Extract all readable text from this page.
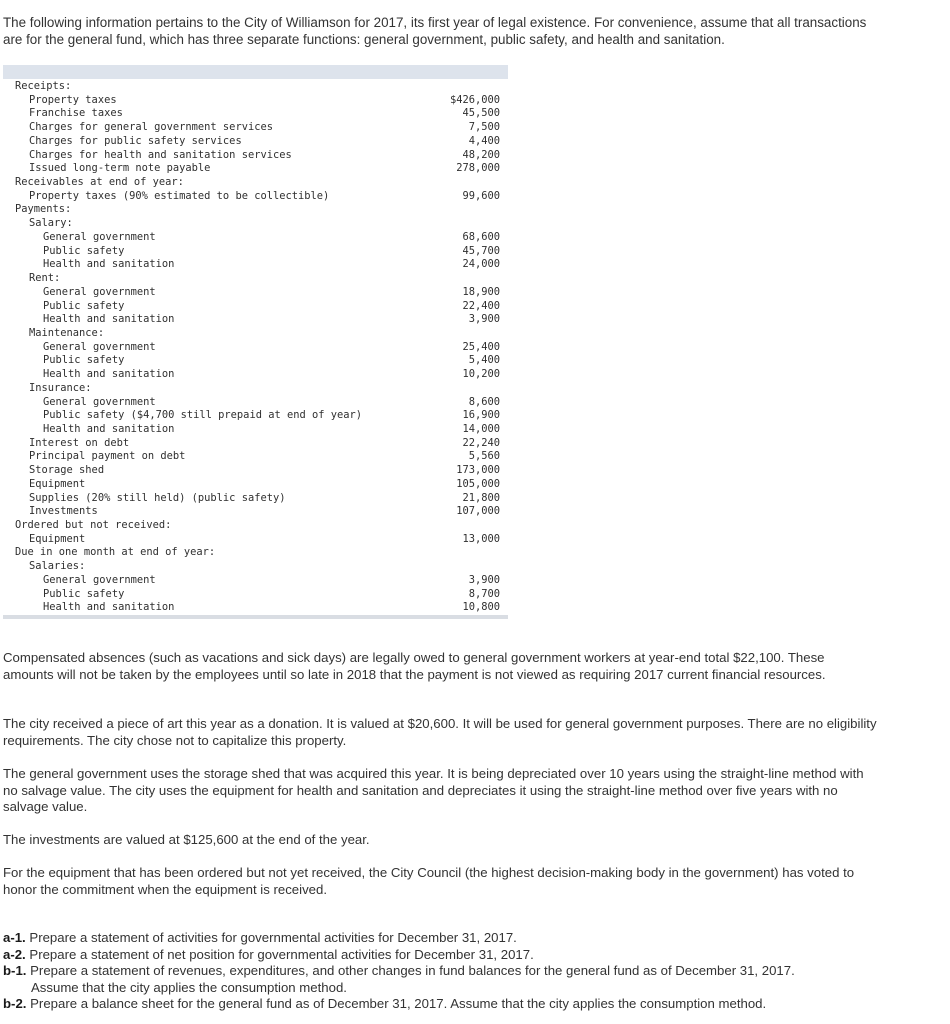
The following information pertains to the City of Williamson for 2017, its first year of legal existence. For convenience, assume that all transactions are for the general fund, which has three separate functions: general government, public safety, and health and sanitation.

Receipts:
Property taxes	$426,000
Franchise taxes	45,500
Charges for general government services	7,500
Charges for public safety services	4,400
Charges for health and sanitation services	48,200
Issued long-term note payable	278,000
Receivables at end of year:
Property taxes (90% estimated to be collectible)	99,600
Payments:
Salary:
General government	68,600
Public safety	45,700
Health and sanitation	24,000
Rent:
General government	18,900
Public safety	22,400
Health and sanitation	3,900
Maintenance:
General government	25,400
Public safety	5,400
Health and sanitation	10,200
Insurance:
General government	8,600
Public safety ($4,700 still prepaid at end of year)	16,900
Health and sanitation	14,000
Interest on debt	22,240
Principal payment on debt	5,560
Storage shed	173,000
Equipment	105,000
Supplies (20% still held) (public safety)	21,800
Investments	107,000
Ordered but not received:
Equipment	13,000
Due in one month at end of year:
Salaries:
General government	3,900
Public safety	8,700
Health and sanitation	10,800

Compensated absences (such as vacations and sick days) are legally owed to general government workers at year-end total $22,100. These amounts will not be taken by the employees until so late in 2018 that the payment is not viewed as requiring 2017 current financial resources.

The city received a piece of art this year as a donation. It is valued at $20,600. It will be used for general government purposes. There are no eligibility requirements. The city chose not to capitalize this property.

The general government uses the storage shed that was acquired this year. It is being depreciated over 10 years using the straight-line method with no salvage value. The city uses the equipment for health and sanitation and depreciates it using the straight-line method over five years with no salvage value.

The investments are valued at $125,600 at the end of the year.

For the equipment that has been ordered but not yet received, the City Council (the highest decision-making body in the government) has voted to honor the commitment when the equipment is received.

a-1. Prepare a statement of activities for governmental activities for December 31, 2017.

a-2. Prepare a statement of net position for governmental activities for December 31, 2017.

b-1. Prepare a statement of revenues, expenditures, and other changes in fund balances for the general fund as of December 31, 2017.
Assume that the city applies the consumption method.

b-2. Prepare a balance sheet for the general fund as of December 31, 2017. Assume that the city applies the consumption method.
